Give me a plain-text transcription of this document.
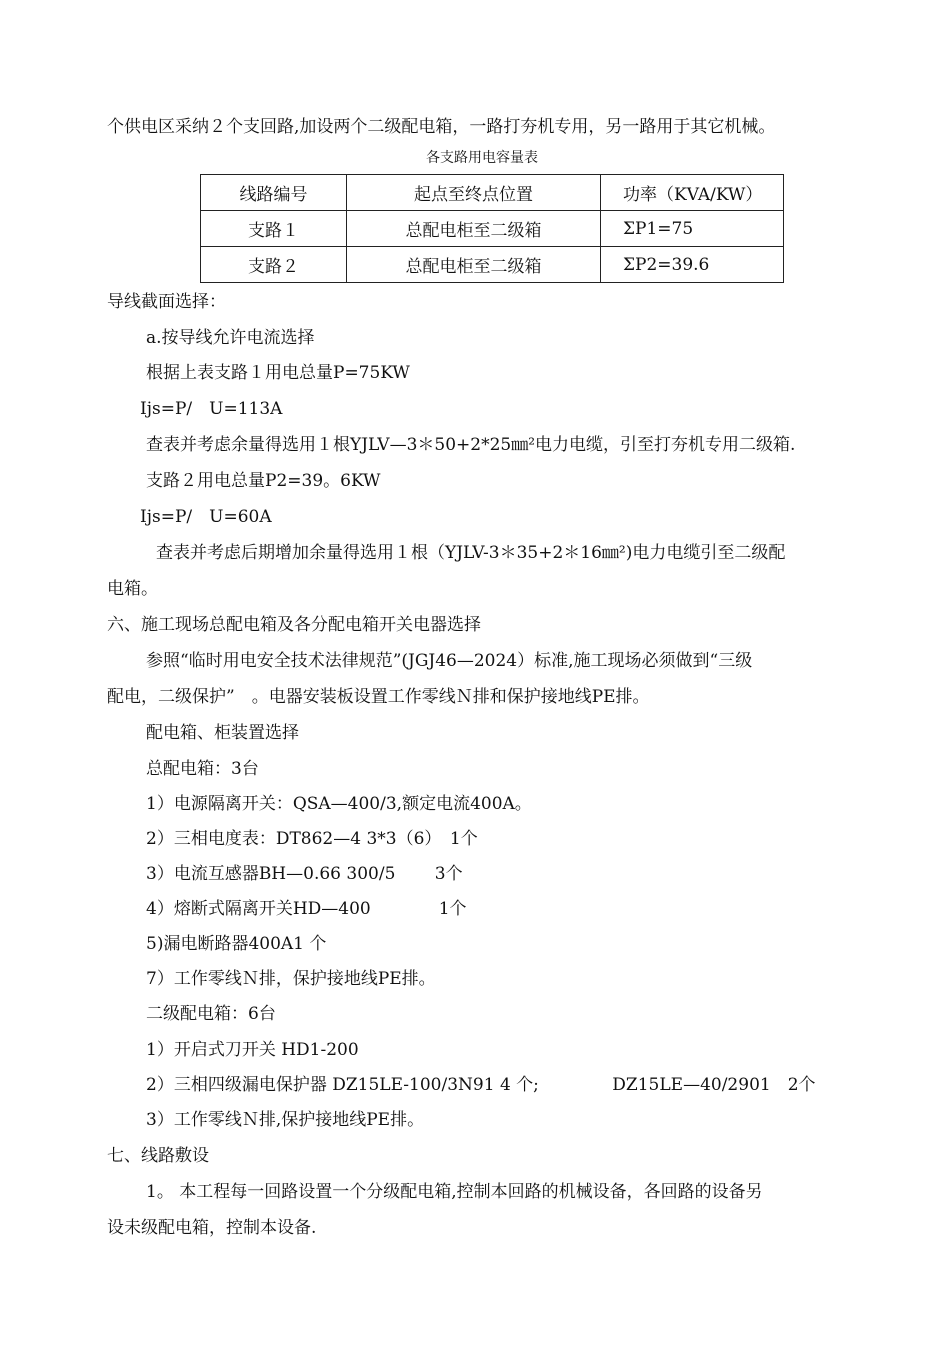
个供电区采纳２个支回路,加设两个二级配电箱，一路打夯机专用，另一路用于其它机械。
各支路用电容量表
线路编号	起点至终点位置	功率（KVA/KW）
支路１	总配电柜至二级箱	ΣP1=75
支路２	总配电柜至二级箱	ΣP2=39.6
导线截面选择：
a.按导线允许电流选择
根据上表支路１用电总量P=75KW
Ijs=P/　U=113A
查表并考虑余量得选用１根YJLV—3＊50+2*25㎜²电力电缆，引至打夯机专用二级箱.
支路２用电总量P2=39。6KW
Ijs=P/　U=60A
查表并考虑后期增加余量得选用１根（YJLV-3＊35+2＊16㎜²)电力电缆引至二级配
电箱。
六、施工现场总配电箱及各分配电箱开关电器选择
参照“临时用电安全技术法律规范”(JGJ46—2024）标准,施工现场必须做到“三级
配电，二级保护”　。电器安装板设置工作零线Ｎ排和保护接地线PE排。
配电箱、柜装置选择
总配电箱：3台
1）电源隔离开关：QSA—400/3,额定电流400A。
2）三相电度表：DT862—4 3*3（6）　1个
3）电流互感器BH—0.66 300/5　　 3个
4）熔断式隔离开关HD—400　　　　1个
5)漏电断路器400A1 个
7）工作零线Ｎ排，保护接地线PE排。
二级配电箱：6台
1）开启式刀开关 HD1-200
2）三相四级漏电保护器 DZ15LE-100/3N91 4 个;　　　　 DZ15LE—40/2901　2个
3）工作零线Ｎ排,保护接地线PE排。
七、线路敷设
1。 本工程每一回路设置一个分级配电箱,控制本回路的机械设备，各回路的设备另
设未级配电箱，控制本设备.
